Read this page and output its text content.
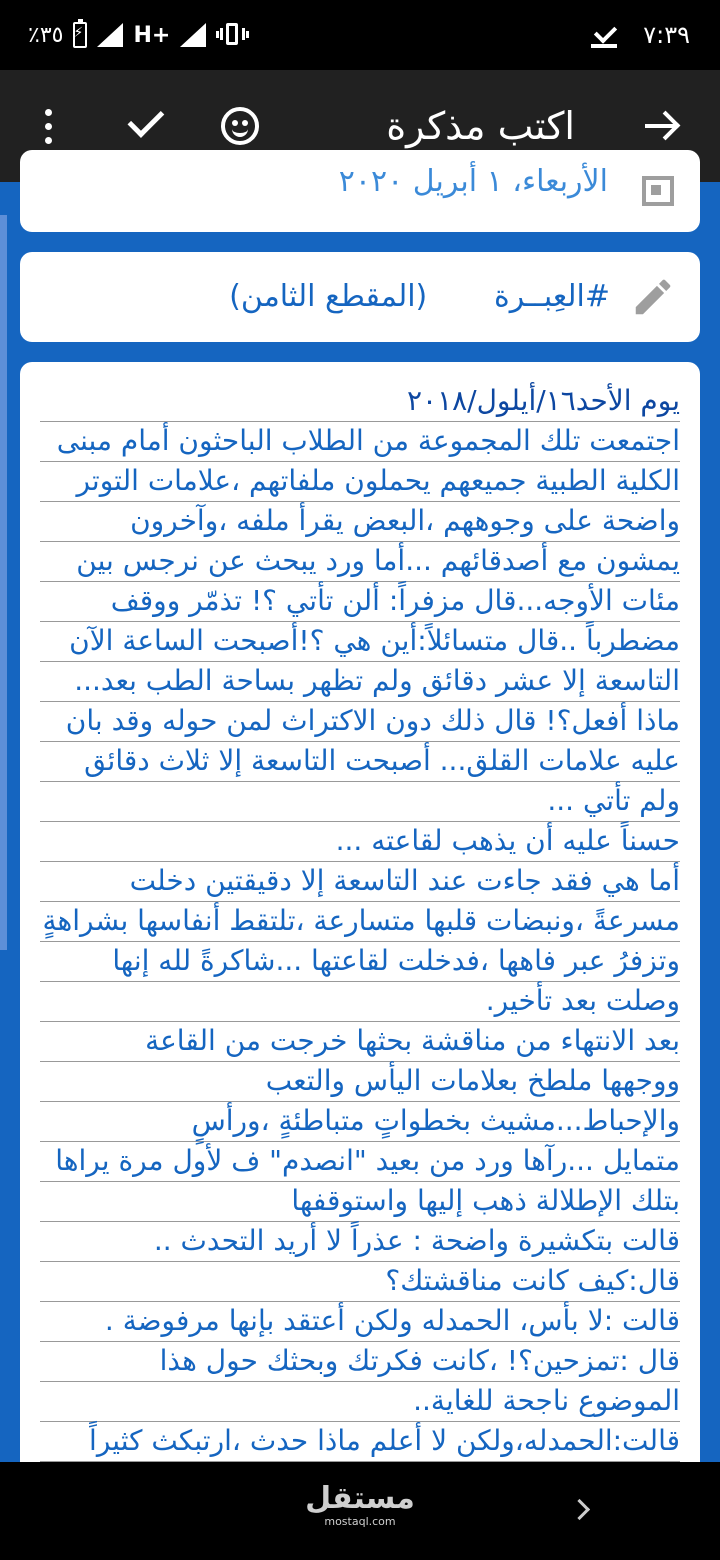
٪٣٥
⚡	H+	٧:٣٩
اكتب مذكرة
الأربعاء، ١ أبريل ٢٠٢٠
#العِبــرة       (المقطع الثامن)
يوم الأحد١٦/أيلول/٢٠١٨
اجتمعت تلك المجموعة من الطلاب الباحثون أمام مبنى
الكلية الطبية جميعهم يحملون ملفاتهم ،علامات التوتر
واضحة على وجوههم ،البعض يقرأ ملفه ،وآخرون
يمشون مع أصدقائهم ...أما ورد يبحث عن نرجس بين
مئات الأوجه...قال مزفراً: ألن تأتي ؟! تذمّر ووقف
مضطرباً ..قال متسائلاً:أين هي ؟!أصبحت الساعة الآن
التاسعة إلا عشر دقائق ولم تظهر بساحة الطب بعد...
ماذا أفعل؟! قال ذلك دون الاكتراث لمن حوله وقد بان
عليه علامات القلق... أصبحت التاسعة إلا ثلاث دقائق
ولم تأتي ...
حسناً عليه أن يذهب لقاعته ...
أما هي فقد جاءت عند التاسعة إلا دقيقتين دخلت
مسرعةً ،ونبضات قلبها متسارعة ،تلتقط أنفاسها بشراهةٍ
وتزفرُ عبر فاهها ،فدخلت لقاعتها ...شاكرةً لله إنها
وصلت بعد تأخير.
بعد الانتهاء من مناقشة بحثها خرجت من القاعة
ووجهها ملطخ بعلامات اليأس والتعب
والإحباط...مشيث بخطواتٍ متباطئةٍ ،ورأسٍ
متمايل ...رآها ورد من بعيد "انصدم" ف لأول مرة يراها
بتلك الإطلالة ذهب إليها واستوقفها
قالت بتكشيرة واضحة : عذراً لا أريد التحدث ..
قال:كيف كانت مناقشتك؟
قالت :لا بأس، الحمدله ولكن أعتقد بإنها مرفوضة .
قال :تمزحين؟! ،كانت فكرتك وبحثك حول هذا
الموضوع ناجحة للغاية..
قالت:الحمدله،ولكن لا أعلم ماذا حدث ،ارتبكث كثيراً
مستقل
mostaql.com
